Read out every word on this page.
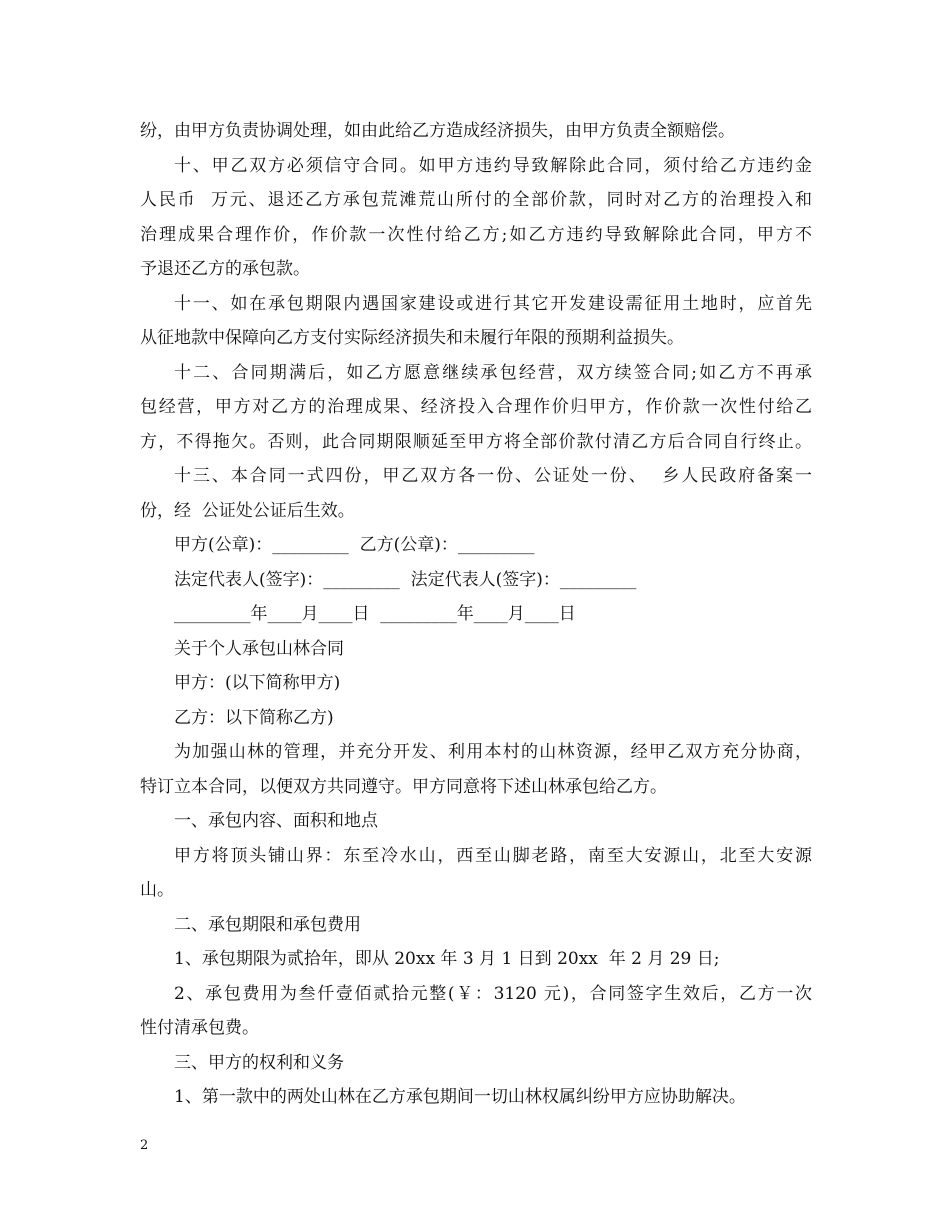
纷，由甲方负责协调处理，如由此给乙方造成经济损失，由甲方负责全额赔偿。
十、甲乙双方必须信守合同。如甲方违约导致解除此合同，须付给乙方违约金
人民币  万元、退还乙方承包荒滩荒山所付的全部价款，同时对乙方的治理投入和
治理成果合理作价，作价款一次性付给乙方;如乙方违约导致解除此合同，甲方不
予退还乙方的承包款。
十一、如在承包期限内遇国家建设或进行其它开发建设需征用土地时，应首先
从征地款中保障向乙方支付实际经济损失和未履行年限的预期利益损失。
十二、合同期满后，如乙方愿意继续承包经营，双方续签合同;如乙方不再承
包经营，甲方对乙方的治理成果、经济投入合理作价归甲方，作价款一次性付给乙
方，不得拖欠。否则，此合同期限顺延至甲方将全部价款付清乙方后合同自行终止。
十三、本合同一式四份，甲乙双方各一份、公证处一份、  乡人民政府备案一
份，经  公证处公证后生效。
甲方(公章)：_________  乙方(公章)：_________
法定代表人(签字)：_________  法定代表人(签字)：_________
_________年____月____日  _________年____月____日
关于个人承包山林合同
甲方：(以下简称甲方)
乙方：以下简称乙方)
为加强山林的管理，并充分开发、利用本村的山林资源，经甲乙双方充分协商，
特订立本合同，以便双方共同遵守。甲方同意将下述山林承包给乙方。
一、承包内容、面积和地点
甲方将顶头铺山界：东至冷水山，西至山脚老路，南至大安源山，北至大安源
山。
二、承包期限和承包费用
1、承包期限为贰拾年，即从 20xx 年 3 月 1 日到 20xx  年 2 月 29 日;
2、承包费用为叁仟壹佰贰拾元整(￥：3120 元)，合同签字生效后，乙方一次
性付清承包费。
三、甲方的权利和义务
1、第一款中的两处山林在乙方承包期间一切山林权属纠纷甲方应协助解决。
2
